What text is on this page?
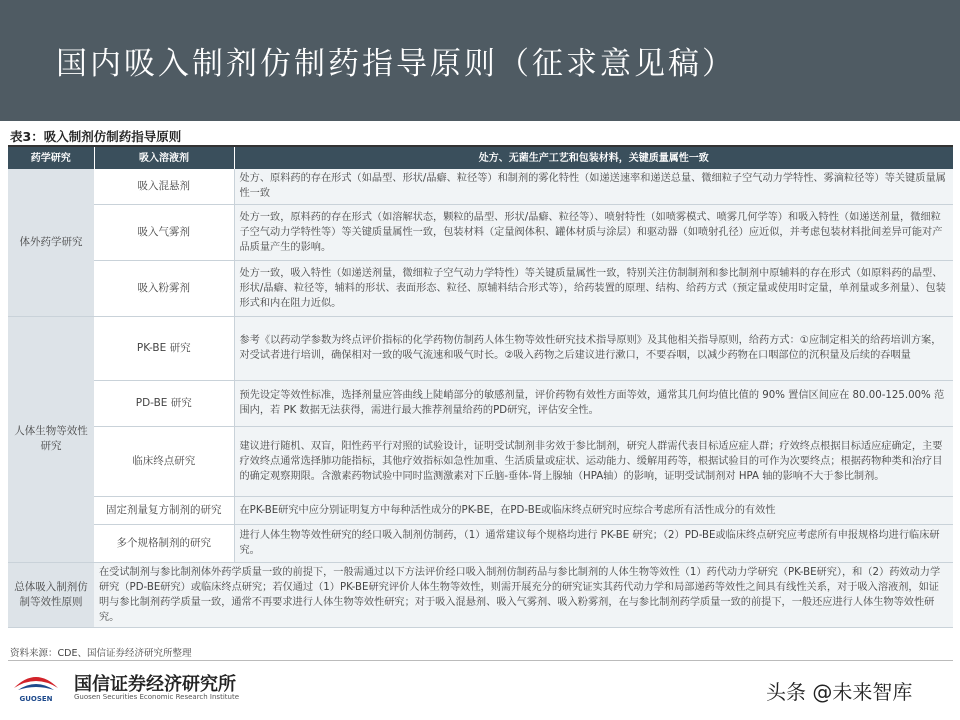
国内吸入制剂仿制药指导原则（征求意见稿）
表3：吸入制剂仿制药指导原则
药学研究	吸入溶液剂	处方、无菌生产工艺和包装材料，关键质量属性一致
体外药学研究	吸入混悬剂	处方、原料药的存在形式（如晶型、形状/晶癖、粒径等）和制剂的雾化特性（如递送速率和递送总量、微细粒子空气动力学特性、雾滴粒径等）等关键质量属性一致
	吸入气雾剂	处方一致，原料药的存在形式（如溶解状态，颗粒的晶型、形状/晶癖、粒径等）、喷射特性（如喷雾模式、喷雾几何学等）和吸入特性（如递送剂量，微细粒子空气动力学特性等）等关键质量属性一致，包装材料（定量阀体积、罐体材质与涂层）和驱动器（如喷射孔径）应近似，并考虑包装材料批间差异可能对产品质量产生的影响。
	吸入粉雾剂	处方一致，吸入特性（如递送剂量，微细粒子空气动力学特性）等关键质量属性一致，特别关注仿制制剂和参比制剂中原辅料的存在形式（如原料药的晶型、形状/晶癖、粒径等，辅料的形状、表面形态、粒径、原辅料结合形式等），给药装置的原理、结构、给药方式（预定量或使用时定量，单剂量或多剂量）、包装形式和内在阻力近似。
人体生物等效性研究	PK-BE 研究	参考《以药动学参数为终点评价指标的化学药物仿制药人体生物等效性研究技术指导原则》及其他相关指导原则，给药方式：①应制定相关的给药培训方案，对受试者进行培训，确保相对一致的吸气流速和吸气时长。②吸入药物之后建议进行漱口，不要吞咽，以减少药物在口咽部位的沉积量及后续的吞咽量
	PD-BE 研究	预先设定等效性标准，选择剂量应答曲线上陡峭部分的敏感剂量，评价药物有效性方面等效，通常其几何均值比值的 90% 置信区间应在 80.00-125.00% 范围内，若 PK 数据无法获得，需进行最大推荐剂量给药的PD研究，评估安全性。
	临床终点研究	建议进行随机、双盲，阳性药平行对照的试验设计，证明受试制剂非劣效于参比制剂，研究人群需代表目标适应症人群；疗效终点根据目标适应症确定，主要疗效终点通常选择肺功能指标，其他疗效指标如急性加重、生活质量或症状、运动能力、缓解用药等，根据试验目的可作为次要终点；根据药物种类和治疗目的确定观察期限。含激素药物试验中同时监测激素对下丘脑-垂体-肾上腺轴（HPA轴）的影响，证明受试制剂对 HPA 轴的影响不大于参比制剂。
	固定剂量复方制剂的研究	在PK-BE研究中应分别证明复方中每种活性成分的PK-BE，在PD-BE或临床终点研究时应综合考虑所有活性成分的有效性
	多个规格制剂的研究	进行人体生物等效性研究的经口吸入制剂仿制药，（1）通常建议每个规格均进行 PK-BE 研究；（2）PD-BE或临床终点研究应考虑所有申报规格均进行临床研究。
总体吸入制剂仿制等效性原则	在受试制剂与参比制剂体外药学质量一致的前提下，一般需通过以下方法评价经口吸入制剂仿制药品与参比制剂的人体生物等效性（1）药代动力学研究（PK-BE研究），和（2）药效动力学研究（PD-BE研究）或临床终点研究；若仅通过（1）PK-BE研究评价人体生物等效性，则需开展充分的研究证实其药代动力学和局部递药等效性之间具有线性关系，对于吸入溶液剂，如证明与参比制剂药学质量一致，通常不再要求进行人体生物等效性研究；对于吸入混悬剂、吸入气雾剂、吸入粉雾剂，在与参比制剂药学质量一致的前提下，一般还应进行人体生物等效性研究。	
资料来源：CDE、国信证券经济研究所整理
GUOSEN
国信证券经济研究所
Guosen Securities Economic Research Institute	头条 @未来智库
